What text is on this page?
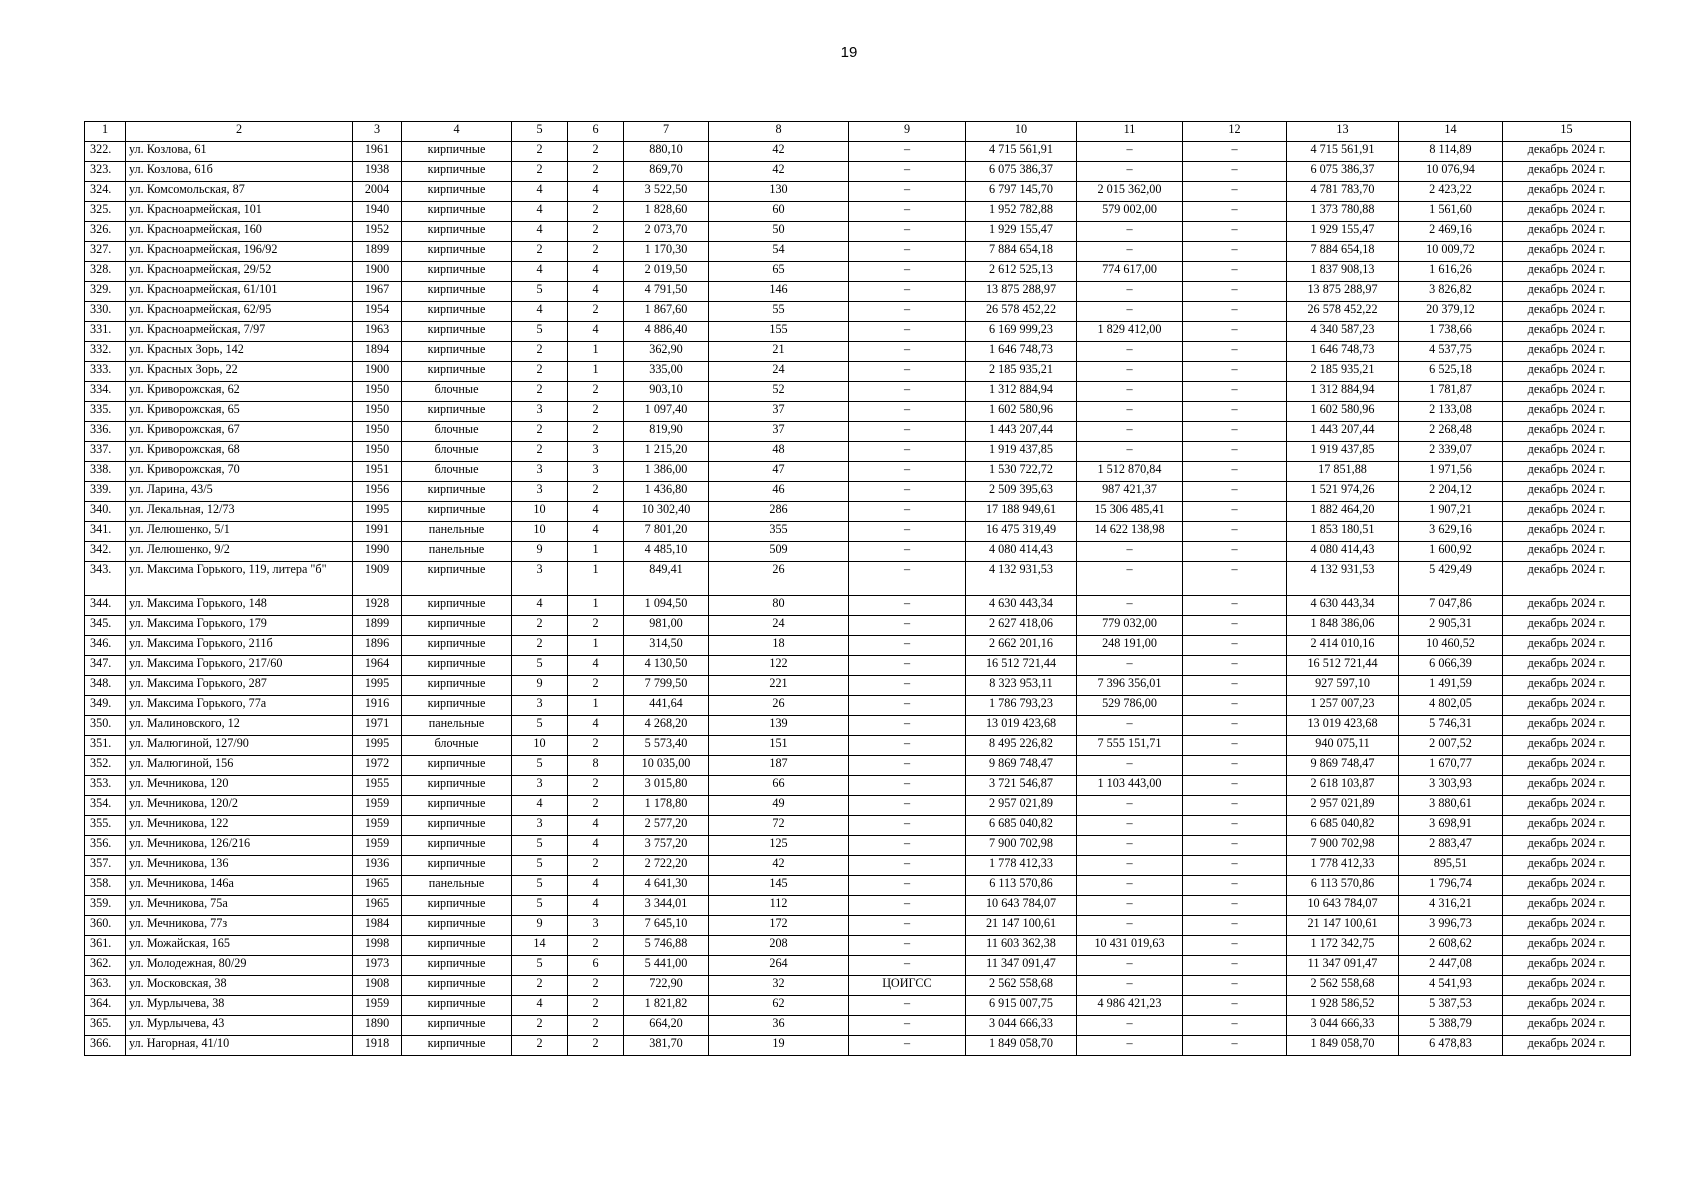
19
1	2	3	4	5	6	7	8	9	10	11	12	13	14	15
322.	ул. Козлова, 61	1961	кирпичные	2	2	880,10	42	–	4 715 561,91	–	–	4 715 561,91	8 114,89	декабрь 2024 г.
323.	ул. Козлова, 61б	1938	кирпичные	2	2	869,70	42	–	6 075 386,37	–	–	6 075 386,37	10 076,94	декабрь 2024 г.
324.	ул. Комсомольская, 87	2004	кирпичные	4	4	3 522,50	130	–	6 797 145,70	2 015 362,00	–	4 781 783,70	2 423,22	декабрь 2024 г.
325.	ул. Красноармейская, 101	1940	кирпичные	4	2	1 828,60	60	–	1 952 782,88	579 002,00	–	1 373 780,88	1 561,60	декабрь 2024 г.
326.	ул. Красноармейская, 160	1952	кирпичные	4	2	2 073,70	50	–	1 929 155,47	–	–	1 929 155,47	2 469,16	декабрь 2024 г.
327.	ул. Красноармейская, 196/92	1899	кирпичные	2	2	1 170,30	54	–	7 884 654,18	–	–	7 884 654,18	10 009,72	декабрь 2024 г.
328.	ул. Красноармейская, 29/52	1900	кирпичные	4	4	2 019,50	65	–	2 612 525,13	774 617,00	–	1 837 908,13	1 616,26	декабрь 2024 г.
329.	ул. Красноармейская, 61/101	1967	кирпичные	5	4	4 791,50	146	–	13 875 288,97	–	–	13 875 288,97	3 826,82	декабрь 2024 г.
330.	ул. Красноармейская, 62/95	1954	кирпичные	4	2	1 867,60	55	–	26 578 452,22	–	–	26 578 452,22	20 379,12	декабрь 2024 г.
331.	ул. Красноармейская, 7/97	1963	кирпичные	5	4	4 886,40	155	–	6 169 999,23	1 829 412,00	–	4 340 587,23	1 738,66	декабрь 2024 г.
332.	ул. Красных Зорь, 142	1894	кирпичные	2	1	362,90	21	–	1 646 748,73	–	–	1 646 748,73	4 537,75	декабрь 2024 г.
333.	ул. Красных Зорь, 22	1900	кирпичные	2	1	335,00	24	–	2 185 935,21	–	–	2 185 935,21	6 525,18	декабрь 2024 г.
334.	ул. Криворожская, 62	1950	блочные	2	2	903,10	52	–	1 312 884,94	–	–	1 312 884,94	1 781,87	декабрь 2024 г.
335.	ул. Криворожская, 65	1950	кирпичные	3	2	1 097,40	37	–	1 602 580,96	–	–	1 602 580,96	2 133,08	декабрь 2024 г.
336.	ул. Криворожская, 67	1950	блочные	2	2	819,90	37	–	1 443 207,44	–	–	1 443 207,44	2 268,48	декабрь 2024 г.
337.	ул. Криворожская, 68	1950	блочные	2	3	1 215,20	48	–	1 919 437,85	–	–	1 919 437,85	2 339,07	декабрь 2024 г.
338.	ул. Криворожская, 70	1951	блочные	3	3	1 386,00	47	–	1 530 722,72	1 512 870,84	–	17 851,88	1 971,56	декабрь 2024 г.
339.	ул. Ларина, 43/5	1956	кирпичные	3	2	1 436,80	46	–	2 509 395,63	987 421,37	–	1 521 974,26	2 204,12	декабрь 2024 г.
340.	ул. Лекальная, 12/73	1995	кирпичные	10	4	10 302,40	286	–	17 188 949,61	15 306 485,41	–	1 882 464,20	1 907,21	декабрь 2024 г.
341.	ул. Лелюшенко, 5/1	1991	панельные	10	4	7 801,20	355	–	16 475 319,49	14 622 138,98	–	1 853 180,51	3 629,16	декабрь 2024 г.
342.	ул. Лелюшенко, 9/2	1990	панельные	9	1	4 485,10	509	–	4 080 414,43	–	–	4 080 414,43	1 600,92	декабрь 2024 г.
343.	ул. Максима Горького, 119, литера "б"	1909	кирпичные	3	1	849,41	26	–	4 132 931,53	–	–	4 132 931,53	5 429,49	декабрь 2024 г.
344.	ул. Максима Горького, 148	1928	кирпичные	4	1	1 094,50	80	–	4 630 443,34	–	–	4 630 443,34	7 047,86	декабрь 2024 г.
345.	ул. Максима Горького, 179	1899	кирпичные	2	2	981,00	24	–	2 627 418,06	779 032,00	–	1 848 386,06	2 905,31	декабрь 2024 г.
346.	ул. Максима Горького, 211б	1896	кирпичные	2	1	314,50	18	–	2 662 201,16	248 191,00	–	2 414 010,16	10 460,52	декабрь 2024 г.
347.	ул. Максима Горького, 217/60	1964	кирпичные	5	4	4 130,50	122	–	16 512 721,44	–	–	16 512 721,44	6 066,39	декабрь 2024 г.
348.	ул. Максима Горького, 287	1995	кирпичные	9	2	7 799,50	221	–	8 323 953,11	7 396 356,01	–	927 597,10	1 491,59	декабрь 2024 г.
349.	ул. Максима Горького, 77а	1916	кирпичные	3	1	441,64	26	–	1 786 793,23	529 786,00	–	1 257 007,23	4 802,05	декабрь 2024 г.
350.	ул. Малиновского, 12	1971	панельные	5	4	4 268,20	139	–	13 019 423,68	–	–	13 019 423,68	5 746,31	декабрь 2024 г.
351.	ул. Малюгиной, 127/90	1995	блочные	10	2	5 573,40	151	–	8 495 226,82	7 555 151,71	–	940 075,11	2 007,52	декабрь 2024 г.
352.	ул. Малюгиной, 156	1972	кирпичные	5	8	10 035,00	187	–	9 869 748,47	–	–	9 869 748,47	1 670,77	декабрь 2024 г.
353.	ул. Мечникова, 120	1955	кирпичные	3	2	3 015,80	66	–	3 721 546,87	1 103 443,00	–	2 618 103,87	3 303,93	декабрь 2024 г.
354.	ул. Мечникова, 120/2	1959	кирпичные	4	2	1 178,80	49	–	2 957 021,89	–	–	2 957 021,89	3 880,61	декабрь 2024 г.
355.	ул. Мечникова, 122	1959	кирпичные	3	4	2 577,20	72	–	6 685 040,82	–	–	6 685 040,82	3 698,91	декабрь 2024 г.
356.	ул. Мечникова, 126/216	1959	кирпичные	5	4	3 757,20	125	–	7 900 702,98	–	–	7 900 702,98	2 883,47	декабрь 2024 г.
357.	ул. Мечникова, 136	1936	кирпичные	5	2	2 722,20	42	–	1 778 412,33	–	–	1 778 412,33	895,51	декабрь 2024 г.
358.	ул. Мечникова, 146а	1965	панельные	5	4	4 641,30	145	–	6 113 570,86	–	–	6 113 570,86	1 796,74	декабрь 2024 г.
359.	ул. Мечникова, 75а	1965	кирпичные	5	4	3 344,01	112	–	10 643 784,07	–	–	10 643 784,07	4 316,21	декабрь 2024 г.
360.	ул. Мечникова, 77з	1984	кирпичные	9	3	7 645,10	172	–	21 147 100,61	–	–	21 147 100,61	3 996,73	декабрь 2024 г.
361.	ул. Можайская, 165	1998	кирпичные	14	2	5 746,88	208	–	11 603 362,38	10 431 019,63	–	1 172 342,75	2 608,62	декабрь 2024 г.
362.	ул. Молодежная, 80/29	1973	кирпичные	5	6	5 441,00	264	–	11 347 091,47	–	–	11 347 091,47	2 447,08	декабрь 2024 г.
363.	ул. Московская, 38	1908	кирпичные	2	2	722,90	32	ЦОИГСС	2 562 558,68	–	–	2 562 558,68	4 541,93	декабрь 2024 г.
364.	ул. Мурлычева, 38	1959	кирпичные	4	2	1 821,82	62	–	6 915 007,75	4 986 421,23	–	1 928 586,52	5 387,53	декабрь 2024 г.
365.	ул. Мурлычева, 43	1890	кирпичные	2	2	664,20	36	–	3 044 666,33	–	–	3 044 666,33	5 388,79	декабрь 2024 г.
366.	ул. Нагорная, 41/10	1918	кирпичные	2	2	381,70	19	–	1 849 058,70	–	–	1 849 058,70	6 478,83	декабрь 2024 г.
